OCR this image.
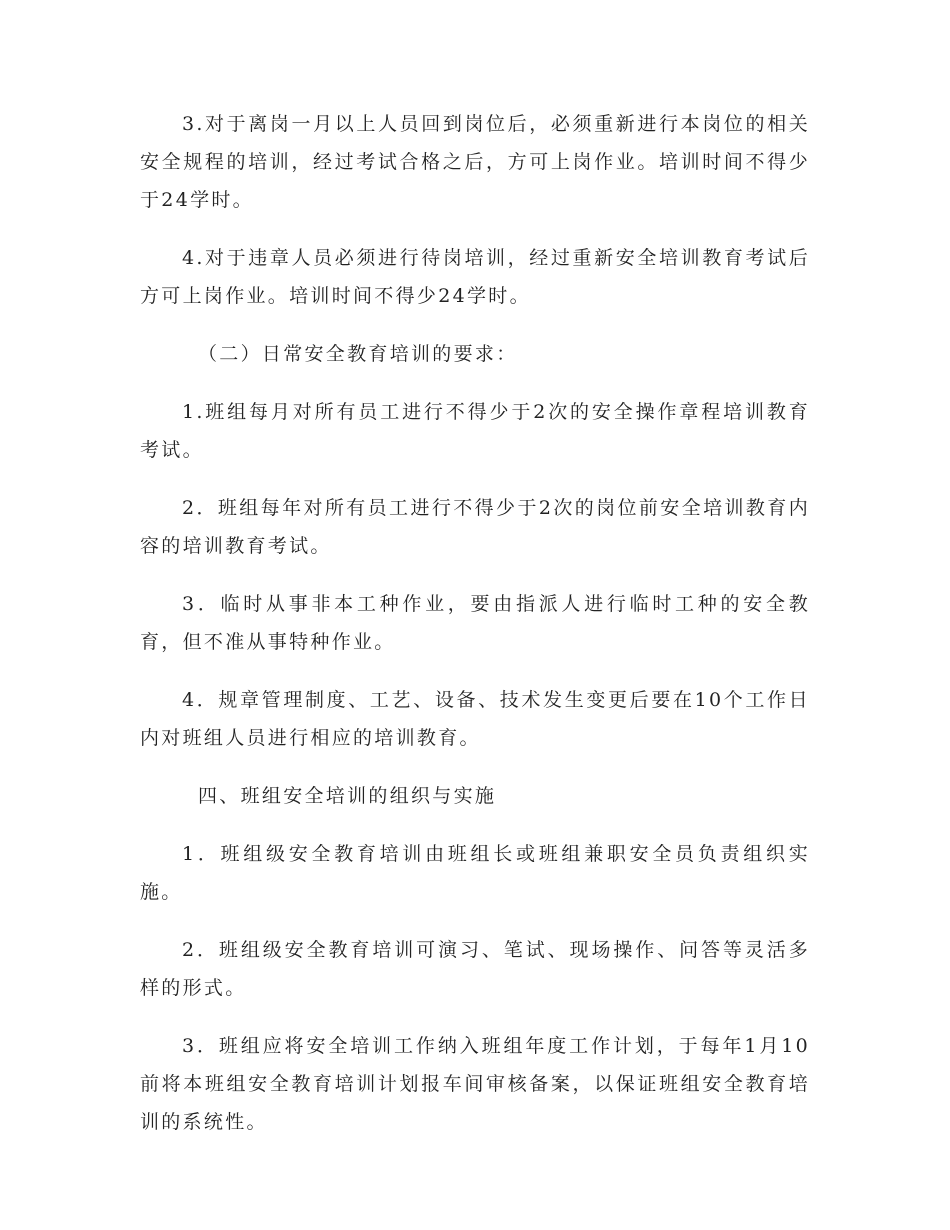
3.对于离岗一月以上人员回到岗位后，必须重新进行本岗位的相关安全规程的培训，经过考试合格之后，方可上岗作业。培训时间不得少于24学时。

4.对于违章人员必须进行待岗培训，经过重新安全培训教育考试后方可上岗作业。培训时间不得少24学时。

（二）日常安全教育培训的要求：

1.班组每月对所有员工进行不得少于2次的安全操作章程培训教育考试。

2．班组每年对所有员工进行不得少于2次的岗位前安全培训教育内容的培训教育考试。

3．临时从事非本工种作业，要由指派人进行临时工种的安全教育，但不准从事特种作业。

4．规章管理制度、工艺、设备、技术发生变更后要在10个工作日内对班组人员进行相应的培训教育。

四、班组安全培训的组织与实施

1．班组级安全教育培训由班组长或班组兼职安全员负责组织实施。

2．班组级安全教育培训可演习、笔试、现场操作、问答等灵活多样的形式。

3．班组应将安全培训工作纳入班组年度工作计划，于每年1月10前将本班组安全教育培训计划报车间审核备案，以保证班组安全教育培训的系统性。
